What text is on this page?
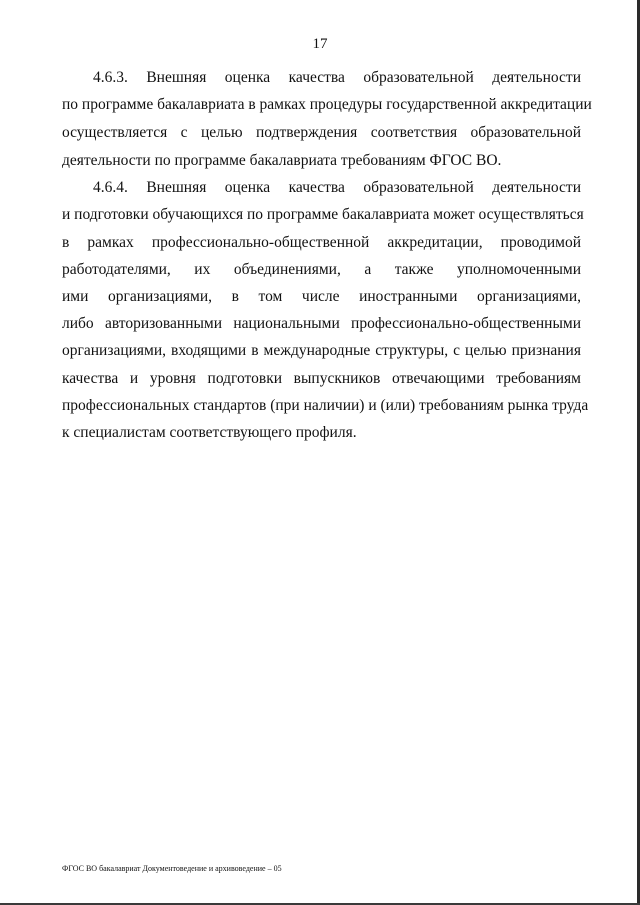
17
4.6.3. Внешняя оценка качества образовательной деятельности
по программе бакалавриата в рамках процедуры государственной аккредитации
осуществляется с целью подтверждения соответствия образовательной
деятельности по программе бакалавриата требованиям ФГОС ВО.
4.6.4. Внешняя оценка качества образовательной деятельности
и подготовки обучающихся по программе бакалавриата может осуществляться
в рамках профессионально-общественной аккредитации, проводимой
работодателями, их объединениями, а также уполномоченными
ими организациями, в том числе иностранными организациями,
либо авторизованными национальными профессионально-общественными
организациями, входящими в международные структуры, с целью признания
качества и уровня подготовки выпускников отвечающими требованиям
профессиональных стандартов (при наличии) и (или) требованиям рынка труда
к специалистам соответствующего профиля.
ФГОС ВО бакалавриат Документоведение и архивоведение – 05
